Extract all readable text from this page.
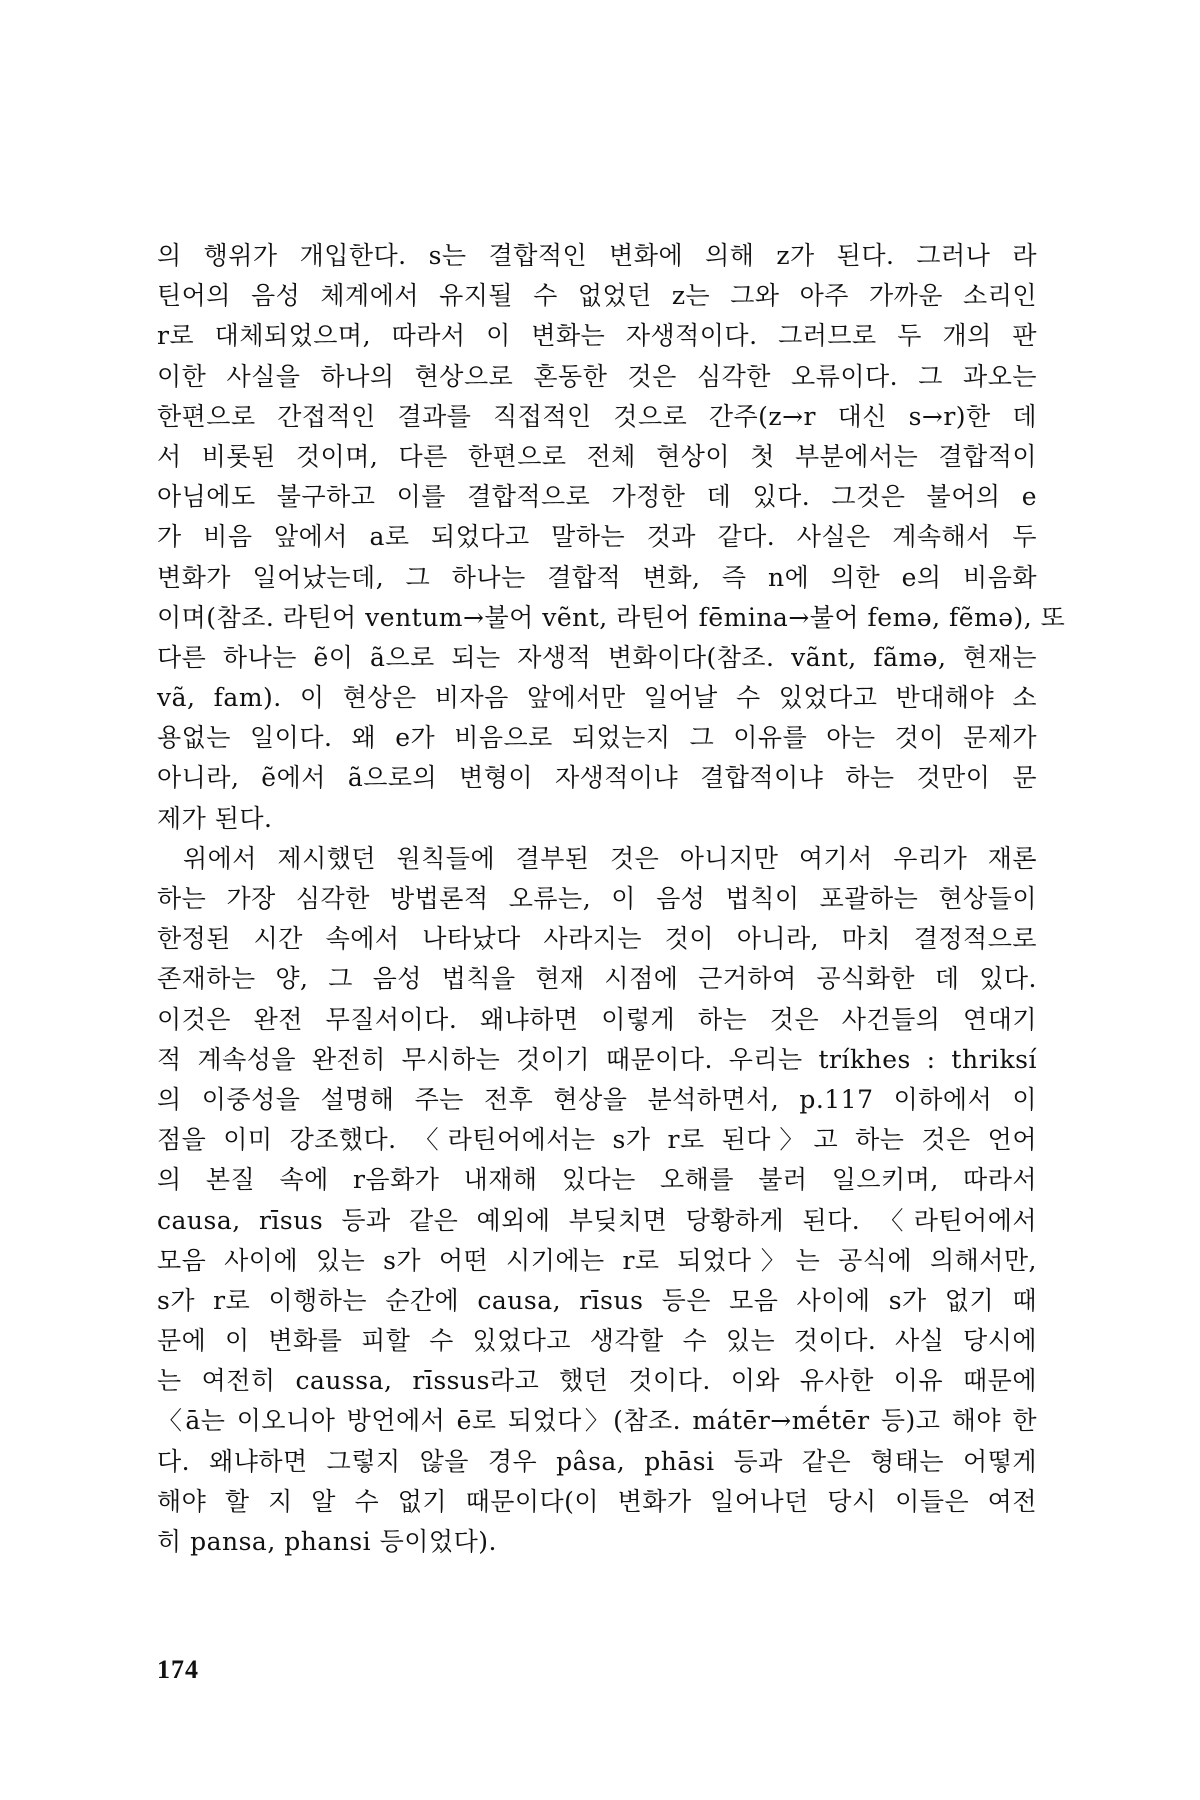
의 행위가 개입한다. s는 결합적인 변화에 의해 z가 된다. 그러나 라
틴어의 음성 체계에서 유지될 수 없었던 z는 그와 아주 가까운 소리인
r로 대체되었으며, 따라서 이 변화는 자생적이다. 그러므로 두 개의 판
이한 사실을 하나의 현상으로 혼동한 것은 심각한 오류이다. 그 과오는
한편으로 간접적인 결과를 직접적인 것으로 간주(z→r 대신 s→r)한 데
서 비롯된 것이며, 다른 한편으로 전체 현상이 첫 부분에서는 결합적이
아님에도 불구하고 이를 결합적으로 가정한 데 있다. 그것은 불어의 e
가 비음 앞에서 a로 되었다고 말하는 것과 같다. 사실은 계속해서 두
변화가 일어났는데, 그 하나는 결합적 변화, 즉 n에 의한 e의 비음화
이며(참조. 라틴어 ventum→불어 vẽnt, 라틴어 fēmina→불어 femə, fẽmə), 또
다른 하나는 ẽ이 ã으로 되는 자생적 변화이다(참조. vãnt, fãmə, 현재는
vã, fam). 이 현상은 비자음 앞에서만 일어날 수 있었다고 반대해야 소
용없는 일이다. 왜 e가 비음으로 되었는지 그 이유를 아는 것이 문제가
아니라, ẽ에서 ã으로의 변형이 자생적이냐 결합적이냐 하는 것만이 문
제가 된다.
위에서 제시했던 원칙들에 결부된 것은 아니지만 여기서 우리가 재론
하는 가장 심각한 방법론적 오류는, 이 음성 법칙이 포괄하는 현상들이
한정된 시간 속에서 나타났다 사라지는 것이 아니라, 마치 결정적으로
존재하는 양, 그 음성 법칙을 현재 시점에 근거하여 공식화한 데 있다.
이것은 완전 무질서이다. 왜냐하면 이렇게 하는 것은 사건들의 연대기
적 계속성을 완전히 무시하는 것이기 때문이다. 우리는 tríkhes : thriksí
의 이중성을 설명해 주는 전후 현상을 분석하면서, p.117 이하에서 이
점을 이미 강조했다. 〈라틴어에서는 s가 r로 된다〉고 하는 것은 언어
의 본질 속에 r음화가 내재해 있다는 오해를 불러 일으키며, 따라서
causa, rīsus 등과 같은 예외에 부딪치면 당황하게 된다. 〈라틴어에서
모음 사이에 있는 s가 어떤 시기에는 r로 되었다〉는 공식에 의해서만,
s가 r로 이행하는 순간에 causa, rīsus 등은 모음 사이에 s가 없기 때
문에 이 변화를 피할 수 있었다고 생각할 수 있는 것이다. 사실 당시에
는 여전히 caussa, rīssus라고 했던 것이다. 이와 유사한 이유 때문에
〈ā는 이오니아 방언에서 ē로 되었다〉(참조. mátēr→mḗtēr 등)고 해야 한
다. 왜냐하면 그렇지 않을 경우 pâsa, phāsi 등과 같은 형태는 어떻게
해야 할 지 알 수 없기 때문이다(이 변화가 일어나던 당시 이들은 여전
히 pansa, phansi 등이었다).
174
